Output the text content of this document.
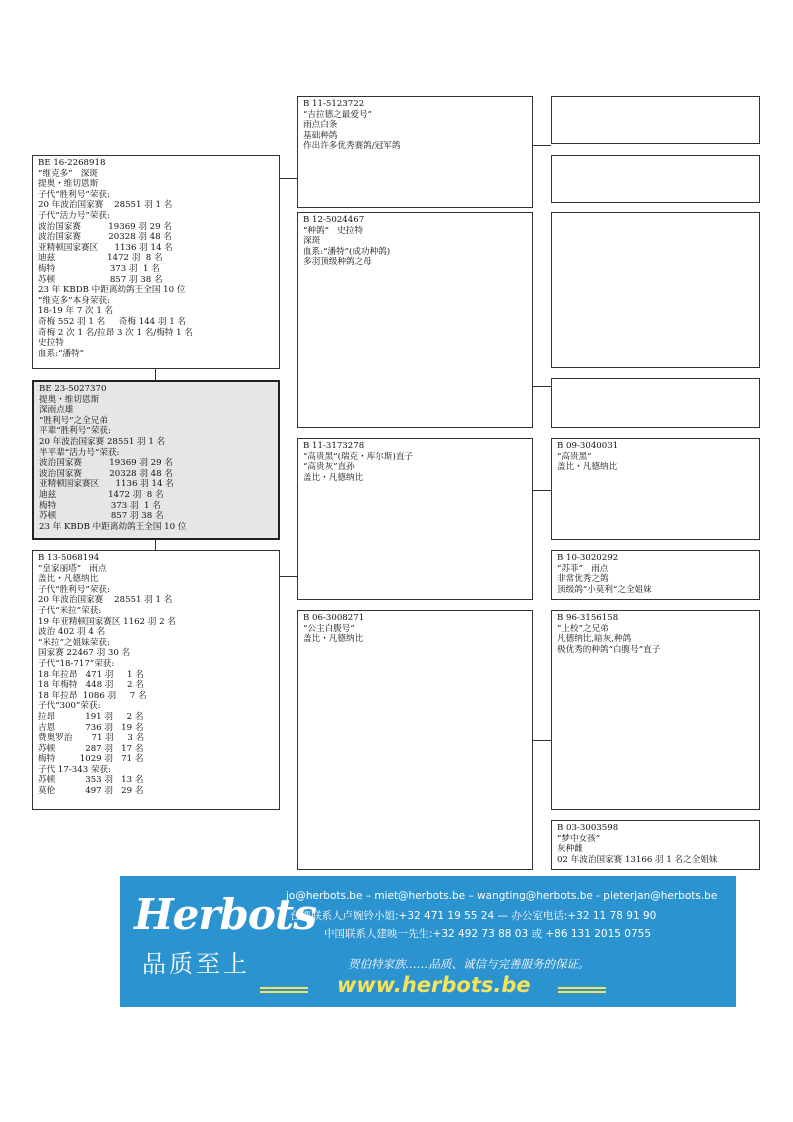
BE 16-2268918
“维克多”   深斑
提奥・维切恩斯
子代“胜利号”荣获:
20 年波治国家赛    28551 羽 1 名
子代“活力号”荣获:
波治国家赛          19369 羽 29 名
波治国家赛          20328 羽 48 名
亚精顿国家赛区      1136 羽 14 名
迪兹                   1472 羽  8 名
梅特                    373 羽  1 名
苏顿                    857 羽 38 名
23 年 KBDB 中距离幼鸽王全国 10 位
“维克多”本身荣获:
18-19 年 7 次 1 名
奇梅 552 羽 1 名     奇梅 144 羽 1 名
奇梅 2 次 1 名/拉昂 3 次 1 名/梅特 1 名
史拉特
血系:“潘特”
BE 23-5027370
提奥・维切恩斯
深雨点雄
“胜利号”之全兄弟
平辈“胜利号”荣获:
20 年波治国家赛 28551 羽 1 名
半平辈“活力号”荣获:
波治国家赛          19369 羽 29 名
波治国家赛          20328 羽 48 名
亚精顿国家赛区      1136 羽 14 名
迪兹                   1472 羽  8 名
梅特                    373 羽  1 名
苏顿                    857 羽 38 名
23 年 KBDB 中距离幼鸽王全国 10 位
B 13-5068194
“皇家丽塔”   雨点
盖比・凡德纳比
子代“胜利号”荣获:
20 年波治国家赛    28551 羽 1 名
子代“米拉”荣获:
19 年亚精顿国家赛区 1162 羽 2 名
波治 402 羽 4 名
“米拉”之姐妹荣获:
国家赛 22467 羽 30 名
子代“18-717”荣获:
18 年拉昂   471 羽     1 名
18 年梅特   448 羽     2 名
18 年拉昂  1086 羽     7 名
子代“300”荣获:
拉昂           191 羽     2 名
吉恩           736 羽   19 名
费奥罗治       71 羽     3 名
苏顿           287 羽   17 名
梅特         1029 羽   71 名
子代 17-343 荣获:
苏顿           353 羽   13 名
莫伦           497 羽   29 名
B 11-5123722
“吉拉德之最爱号”
雨点白条
基础种鸽
作出许多优秀赛鸽/冠军鸽
B 12-5024467
“种鸽”   史拉特
深斑
血系:“潘特”(成功种鸽)
多羽顶级种鸽之母
B 11-3173278
“高贵黑”(瑞克・库尔斯)直子
“高贵灰”直孙
盖比・凡德纳比
B 06-3008271
“公主白腹号”
盖比・凡德纳比
B 09-3040031
“高贵黑”
盖比・凡德纳比
B 10-3020292
“苏菲”   雨点
非常优秀之鸽
顶级鸽“小莫利”之全姐妹
B 96-3156158
“上校”之兄弟
凡德纳比,暗灰,种鸽
极优秀的种鸽“白腹号”直子
B 03-3003598
“梦中女孩”
灰种雌
02 年波治国家赛 13166 羽 1 名之全姐妹
Herbots
品质至上
jo@herbots.be – miet@herbots.be – wangting@herbots.be - pieterjan@herbots.be
台湾联系人卢婉铃小姐:+32 471 19 55 24 — 办公室电话:+32 11 78 91 90
中国联系人建映一先生:+32 492 73 88 03 或 +86 131 2015 0755
贺伯特家族……品质、诚信与完善服务的保证。
www.herbots.be
